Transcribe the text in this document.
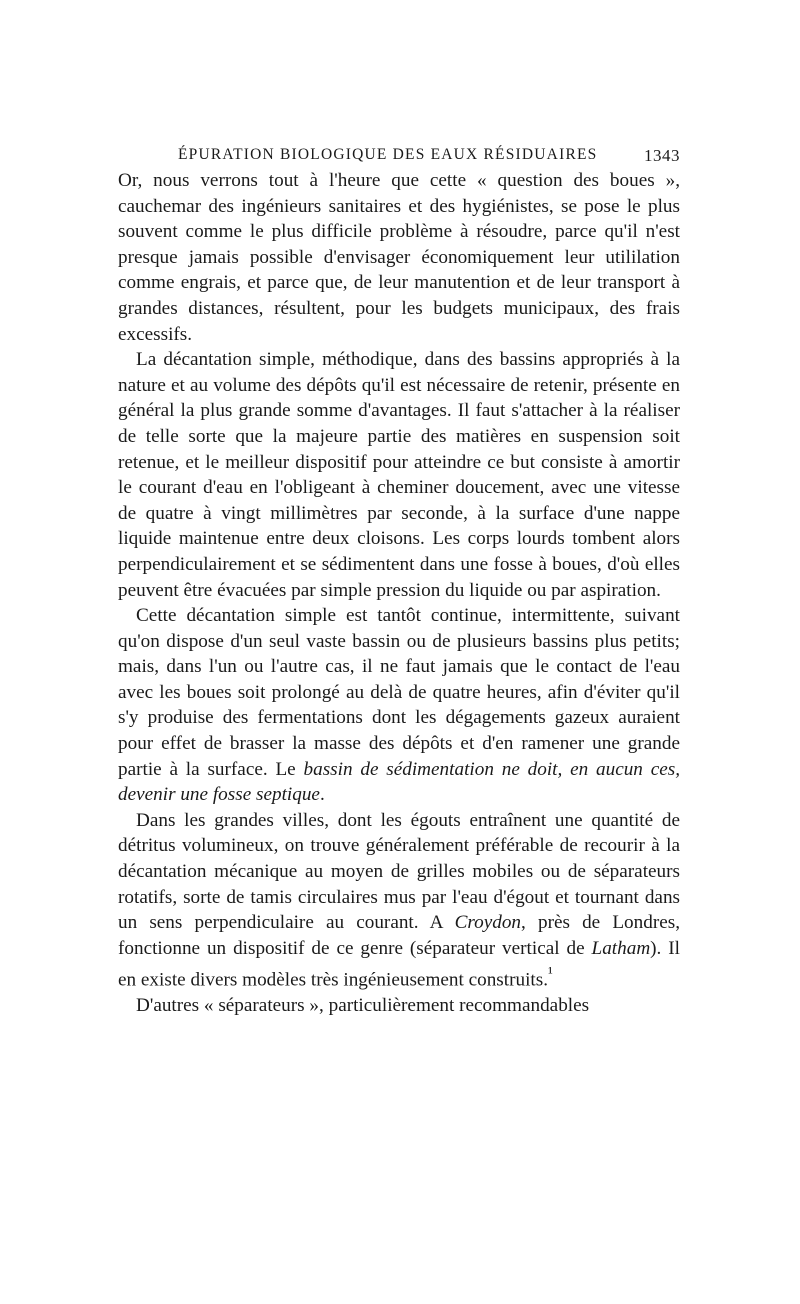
ÉPURATION BIOLOGIQUE DES EAUX RÉSIDUAIRES	1343

Or, nous verrons tout à l'heure que cette « question des boues », cauchemar des ingénieurs sanitaires et des hygiénistes, se pose le plus souvent comme le plus difficile problème à résoudre, parce qu'il n'est presque jamais possible d'envisager économiquement leur utililation comme engrais, et parce que, de leur manutention et de leur transport à grandes distances, résultent, pour les budgets municipaux, des frais excessifs.

La décantation simple, méthodique, dans des bassins appropriés à la nature et au volume des dépôts qu'il est nécessaire de retenir, présente en général la plus grande somme d'avantages. Il faut s'attacher à la réaliser de telle sorte que la majeure partie des matières en suspension soit retenue, et le meilleur dispositif pour atteindre ce but consiste à amortir le courant d'eau en l'obligeant à cheminer doucement, avec une vitesse de quatre à vingt millimètres par seconde, à la surface d'une nappe liquide maintenue entre deux cloisons. Les corps lourds tombent alors perpendiculairement et se sédimentent dans une fosse à boues, d'où elles peuvent être évacuées par simple pression du liquide ou par aspiration.

Cette décantation simple est tantôt continue, intermittente, suivant qu'on dispose d'un seul vaste bassin ou de plusieurs bassins plus petits; mais, dans l'un ou l'autre cas, il ne faut jamais que le contact de l'eau avec les boues soit prolongé au delà de quatre heures, afin d'éviter qu'il s'y produise des fermentations dont les dégagements gazeux auraient pour effet de brasser la masse des dépôts et d'en ramener une grande partie à la surface. Le bassin de sédimentation ne doit, en aucun ces, devenir une fosse septique.

Dans les grandes villes, dont les égouts entraînent une quantité de détritus volumineux, on trouve généralement préférable de recourir à la décantation mécanique au moyen de grilles mobiles ou de séparateurs rotatifs, sorte de tamis circulaires mus par l'eau d'égout et tournant dans un sens perpendiculaire au courant. A Croydon, près de Londres, fonctionne un dispositif de ce genre (séparateur vertical de Latham). Il en existe divers modèles très ingénieusement construits.$^{^1}$

D'autres « séparateurs », particulièrement recommandables
